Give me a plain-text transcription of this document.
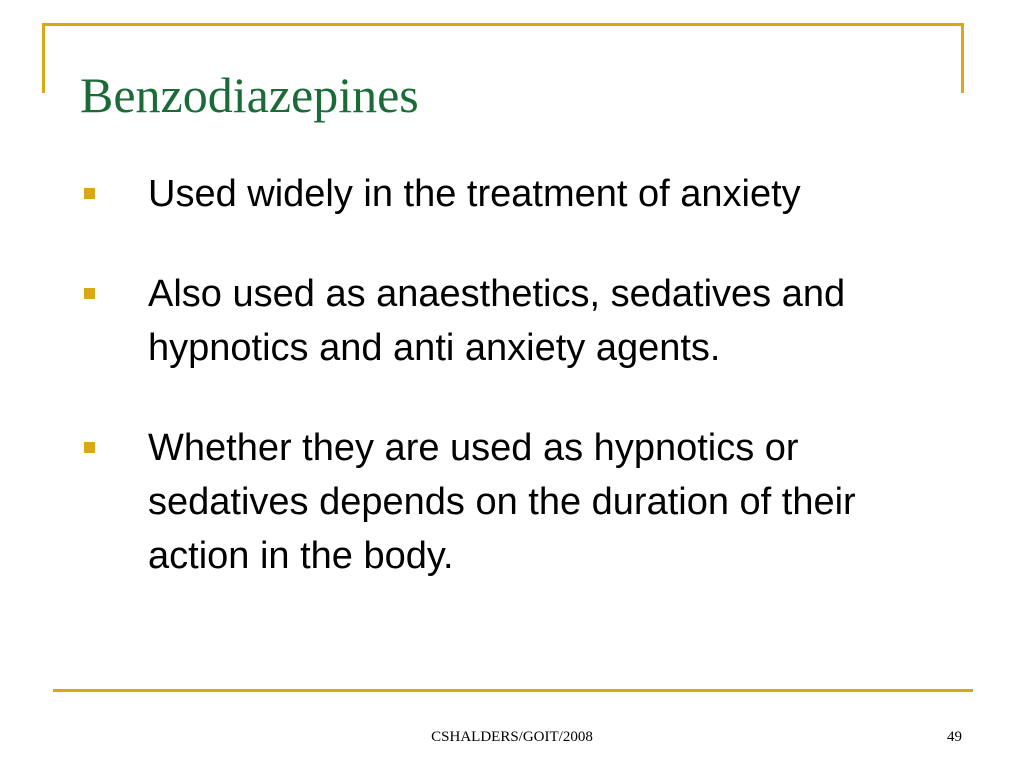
Benzodiazepines
Used widely in the treatment of anxiety
Also used as anaesthetics, sedatives and hypnotics and anti anxiety agents.
Whether they are used as hypnotics or sedatives depends on the duration of their action in the body.
CSHALDERS/GOIT/2008	49
